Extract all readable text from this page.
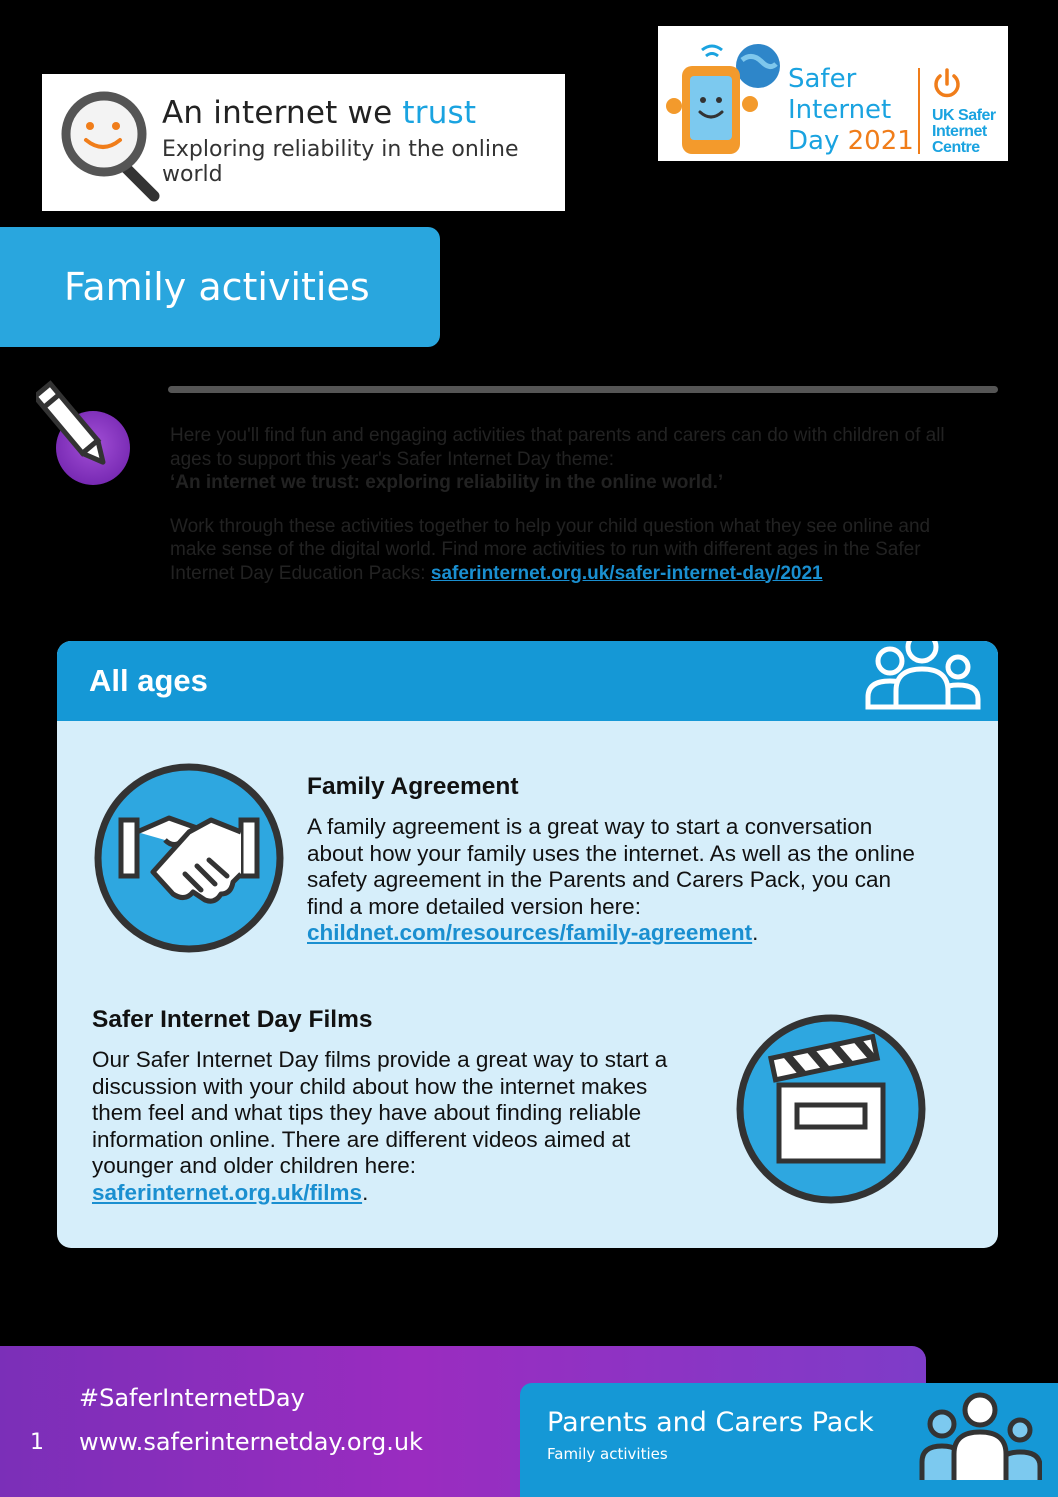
An internet we trust
Exploring reliability in the online world
Safer
Internet
Day 2021
UK Safer
Internet
Centre
Family activities

Here you'll find fun and engaging activities that parents and carers can do with children of all ages to support this year's Safer Internet Day theme:
‘An internet we trust: exploring reliability in the online world.’

Work through these activities together to help your child question what they see online and make sense of the digital world. Find more activities to run with different ages in the Safer Internet Day Education Packs: saferinternet.org.uk/safer-internet-day/2021

All ages
Family Agreement
A family agreement is a great way to start a conversation about how your family uses the internet. As well as the online safety agreement in the Parents and Carers Pack, you can find a more detailed version here: childnet.com/resources/family-agreement.
Safer Internet Day Films
Our Safer Internet Day films provide a great way to start a discussion with your child about how the internet makes them feel and what tips they have about finding reliable information online. There are different videos aimed at younger and older children here: saferinternet.org.uk/films.
1
#SaferInternetDay
www.saferinternetday.org.uk
Parents and Carers Pack
Family activities
